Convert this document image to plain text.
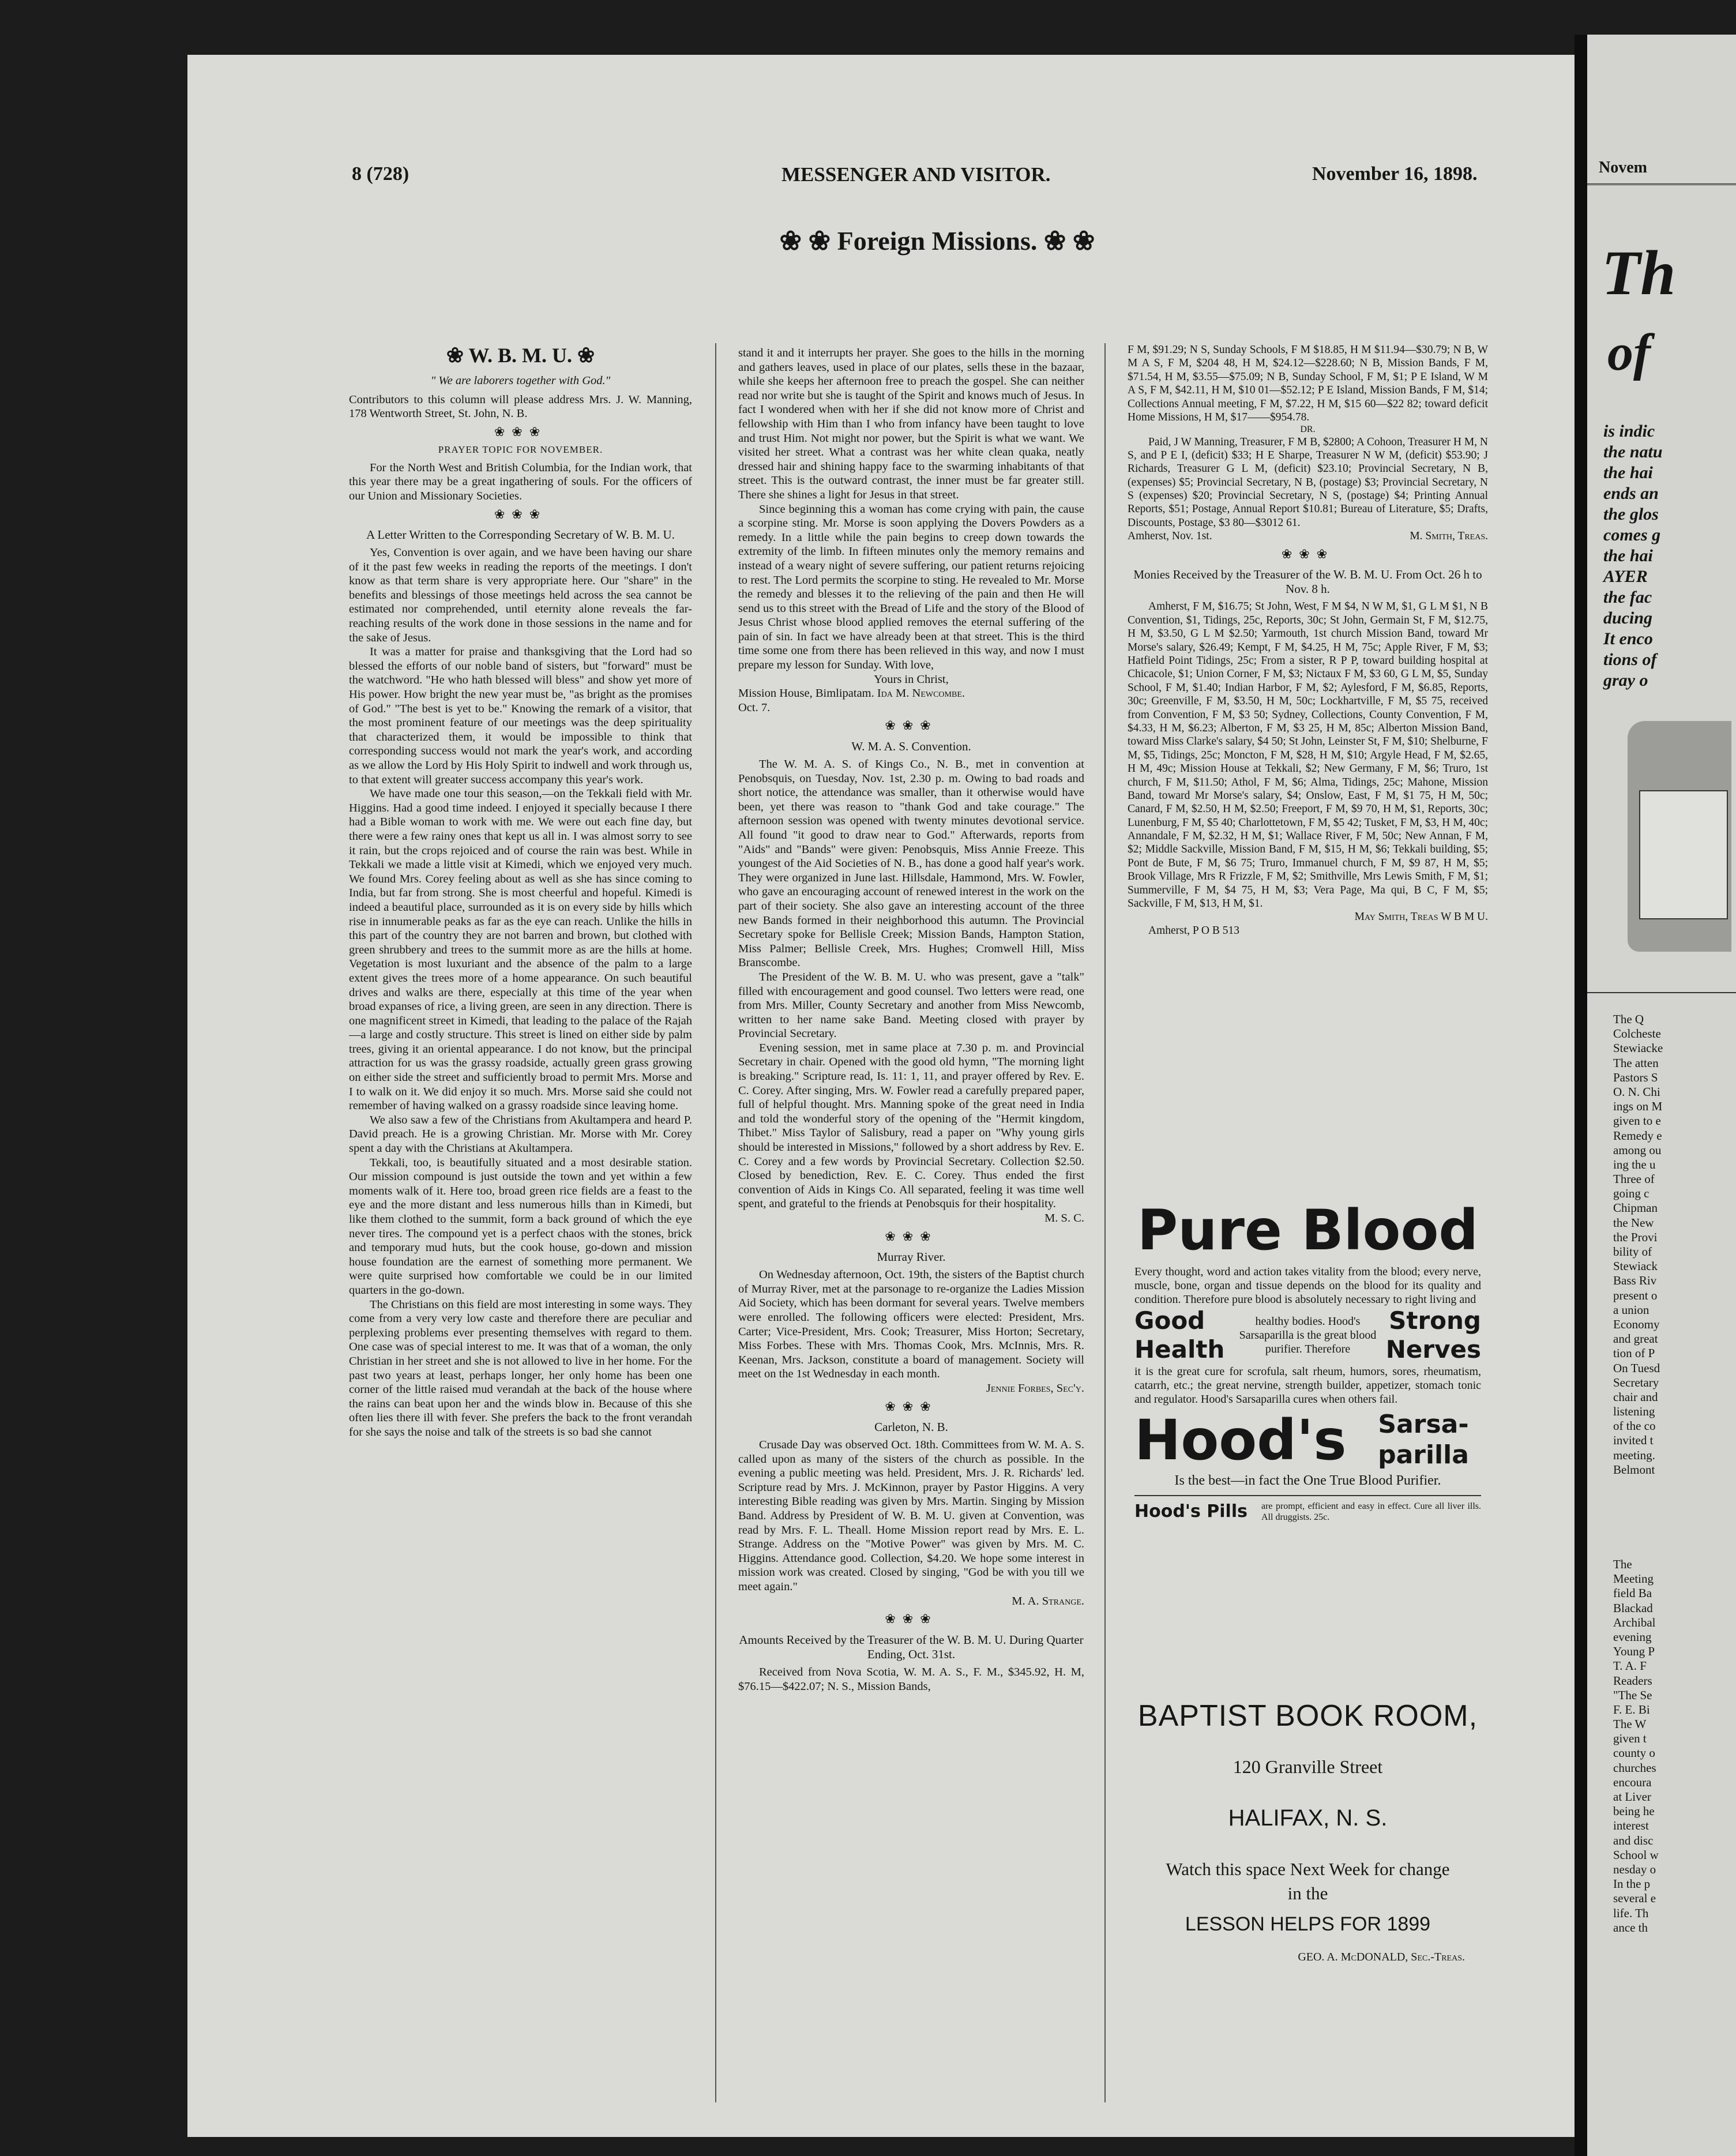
8 (728)	MESSENGER AND VISITOR.	November 16, 1898.
❀ ❀ Foreign Missions. ❀ ❀
❀ W. B. M. U. ❀
" We are laborers together with God."

Contributors to this column will please address Mrs. J. W. Manning, 178 Wentworth Street, St. John, N. B.

❀❀❀
PRAYER TOPIC FOR NOVEMBER.

For the North West and British Columbia, for the Indian work, that this year there may be a great ingathering of souls. For the officers of our Union and Missionary Societies.

❀❀❀
A Letter Written to the Corresponding Secretary of W. B. M. U.

Yes, Convention is over again, and we have been having our share of it the past few weeks in reading the reports of the meetings. I don't know as that term share is very appropriate here. Our "share" in the benefits and blessings of those meetings held across the sea cannot be estimated nor comprehended, until eternity alone reveals the far-reaching results of the work done in those sessions in the name and for the sake of Jesus.

It was a matter for praise and thanksgiving that the Lord had so blessed the efforts of our noble band of sisters, but "forward" must be the watchword. "He who hath blessed will bless" and show yet more of His power. How bright the new year must be, "as bright as the promises of God." "The best is yet to be." Knowing the remark of a visitor, that the most prominent feature of our meetings was the deep spirituality that characterized them, it would be impossible to think that corresponding success would not mark the year's work, and according as we allow the Lord by His Holy Spirit to indwell and work through us, to that extent will greater success accompany this year's work.

We have made one tour this season,—on the Tekkali field with Mr. Higgins. Had a good time indeed. I enjoyed it specially because I there had a Bible woman to work with me. We were out each fine day, but there were a few rainy ones that kept us all in. I was almost sorry to see it rain, but the crops rejoiced and of course the rain was best. While in Tekkali we made a little visit at Kimedi, which we enjoyed very much. We found Mrs. Corey feeling about as well as she has since coming to India, but far from strong. She is most cheerful and hopeful. Kimedi is indeed a beautiful place, surrounded as it is on every side by hills which rise in innumerable peaks as far as the eye can reach. Unlike the hills in this part of the country they are not barren and brown, but clothed with green shrubbery and trees to the summit more as are the hills at home. Vegetation is most luxuriant and the absence of the palm to a large extent gives the trees more of a home appearance. On such beautiful drives and walks are there, especially at this time of the year when broad expanses of rice, a living green, are seen in any direction. There is one magnificent street in Kimedi, that leading to the palace of the Rajah—a large and costly structure. This street is lined on either side by palm trees, giving it an oriental appearance. I do not know, but the principal attraction for us was the grassy roadside, actually green grass growing on either side the street and sufficiently broad to permit Mrs. Morse and I to walk on it. We did enjoy it so much. Mrs. Morse said she could not remember of having walked on a grassy roadside since leaving home.

We also saw a few of the Christians from Akultampera and heard P. David preach. He is a growing Christian. Mr. Morse with Mr. Corey spent a day with the Christians at Akultampera.

Tekkali, too, is beautifully situated and a most desirable station. Our mission compound is just outside the town and yet within a few moments walk of it. Here too, broad green rice fields are a feast to the eye and the more distant and less numerous hills than in Kimedi, but like them clothed to the summit, form a back ground of which the eye never tires. The compound yet is a perfect chaos with the stones, brick and temporary mud huts, but the cook house, go-down and mission house foundation are the earnest of something more permanent. We were quite surprised how comfortable we could be in our limited quarters in the go-down.

The Christians on this field are most interesting in some ways. They come from a very very low caste and therefore there are peculiar and perplexing problems ever presenting themselves with regard to them. One case was of special interest to me. It was that of a woman, the only Christian in her street and she is not allowed to live in her home. For the past two years at least, perhaps longer, her only home has been one corner of the little raised mud verandah at the back of the house where the rains can beat upon her and the winds blow in. Because of this she often lies there ill with fever. She prefers the back to the front verandah for she says the noise and talk of the streets is so bad she cannot

stand it and it interrupts her prayer. She goes to the hills in the morning and gathers leaves, used in place of our plates, sells these in the bazaar, while she keeps her afternoon free to preach the gospel. She can neither read nor write but she is taught of the Spirit and knows much of Jesus. In fact I wondered when with her if she did not know more of Christ and fellowship with Him than I who from infancy have been taught to love and trust Him. Not might nor power, but the Spirit is what we want. We visited her street. What a contrast was her white clean quaka, neatly dressed hair and shining happy face to the swarming inhabitants of that street. This is the outward contrast, the inner must be far greater still. There she shines a light for Jesus in that street.

Since beginning this a woman has come crying with pain, the cause a scorpine sting. Mr. Morse is soon applying the Dovers Powders as a remedy. In a little while the pain begins to creep down towards the extremity of the limb. In fifteen minutes only the memory remains and instead of a weary night of severe suffering, our patient returns rejoicing to rest. The Lord permits the scorpine to sting. He revealed to Mr. Morse the remedy and blesses it to the relieving of the pain and then He will send us to this street with the Bread of Life and the story of the Blood of Jesus Christ whose blood applied removes the eternal suffering of the pain of sin. In fact we have already been at that street. This is the third time some one from there has been relieved in this way, and now I must prepare my lesson for Sunday. With love,

Yours in Christ,

Mission House, Bimlipatam. Ida M. Newcombe.

Oct. 7.

❀❀❀
W. M. A. S. Convention.

The W. M. A. S. of Kings Co., N. B., met in convention at Penobsquis, on Tuesday, Nov. 1st, 2.30 p. m. Owing to bad roads and short notice, the attendance was smaller, than it otherwise would have been, yet there was reason to "thank God and take courage." The afternoon session was opened with twenty minutes devotional service. All found "it good to draw near to God." Afterwards, reports from "Aids" and "Bands" were given: Penobsquis, Miss Annie Freeze. This youngest of the Aid Societies of N. B., has done a good half year's work. They were organized in June last. Hillsdale, Hammond, Mrs. W. Fowler, who gave an encouraging account of renewed interest in the work on the part of their society. She also gave an interesting account of the three new Bands formed in their neighborhood this autumn. The Provincial Secretary spoke for Bellisle Creek; Mission Bands, Hampton Station, Miss Palmer; Bellisle Creek, Mrs. Hughes; Cromwell Hill, Miss Branscombe.

The President of the W. B. M. U. who was present, gave a "talk" filled with encouragement and good counsel. Two letters were read, one from Mrs. Miller, County Secretary and another from Miss Newcomb, written to her name sake Band. Meeting closed with prayer by Provincial Secretary.

Evening session, met in same place at 7.30 p. m. and Provincial Secretary in chair. Opened with the good old hymn, "The morning light is breaking." Scripture read, Is. 11: 1, 11, and prayer offered by Rev. E. C. Corey. After singing, Mrs. W. Fowler read a carefully prepared paper, full of helpful thought. Mrs. Manning spoke of the great need in India and told the wonderful story of the opening of the "Hermit kingdom, Thibet." Miss Taylor of Salisbury, read a paper on "Why young girls should be interested in Missions," followed by a short address by Rev. E. C. Corey and a few words by Provincial Secretary. Collection $2.50. Closed by benediction, Rev. E. C. Corey. Thus ended the first convention of Aids in Kings Co. All separated, feeling it was time well spent, and grateful to the friends at Penobsquis for their hospitality.

M. S. C.

❀❀❀
Murray River.

On Wednesday afternoon, Oct. 19th, the sisters of the Baptist church of Murray River, met at the parsonage to re-organize the Ladies Mission Aid Society, which has been dormant for several years. Twelve members were enrolled. The following officers were elected: President, Mrs. Carter; Vice-President, Mrs. Cook; Treasurer, Miss Horton; Secretary, Miss Forbes. These with Mrs. Thomas Cook, Mrs. McInnis, Mrs. R. Keenan, Mrs. Jackson, constitute a board of management. Society will meet on the 1st Wednesday in each month.

Jennie Forbes, Sec'y.

❀❀❀
Carleton, N. B.

Crusade Day was observed Oct. 18th. Committees from W. M. A. S. called upon as many of the sisters of the church as possible. In the evening a public meeting was held. President, Mrs. J. R. Richards' led. Scripture read by Mrs. J. McKinnon, prayer by Pastor Higgins. A very interesting Bible reading was given by Mrs. Martin. Singing by Mission Band. Address by President of W. B. M. U. given at Convention, was read by Mrs. F. L. Theall. Home Mission report read by Mrs. E. L. Strange. Address on the "Motive Power" was given by Mrs. M. C. Higgins. Attendance good. Collection, $4.20. We hope some interest in mission work was created. Closed by singing, "God be with you till we meet again."

M. A. Strange.

❀❀❀
Amounts Received by the Treasurer of the W. B. M. U. During Quarter Ending, Oct. 31st.

Received from Nova Scotia, W. M. A. S., F. M., $345.92, H. M, $76.15—$422.07; N. S., Mission Bands,

F M, $91.29; N S, Sunday Schools, F M $18.85, H M $11.94—$30.79; N B, W M A S, F M, $204 48, H M, $24.12—$228.60; N B, Mission Bands, F M, $71.54, H M, $3.55—$75.09; N B, Sunday School, F M, $1; P E Island, W M A S, F M, $42.11, H M, $10 01—$52.12; P E Island, Mission Bands, F M, $14; Collections Annual meeting, F M, $7.22, H M, $15 60—$22 82; toward deficit Home Missions, H M, $17——$954.78.

DR.

Paid, J W Manning, Treasurer, F M B, $2800; A Cohoon, Treasurer H M, N S, and P E I, (deficit) $33; H E Sharpe, Treasurer N W M, (deficit) $53.90; J Richards, Treasurer G L M, (deficit) $23.10; Provincial Secretary, N B, (expenses) $5; Provincial Secretary, N B, (postage) $3; Provincial Secretary, N S (expenses) $20; Provincial Secretary, N S, (postage) $4; Printing Annual Reports, $51; Postage, Annual Report $10.81; Bureau of Literature, $5; Drafts, Discounts, Postage, $3 80—$3012 61.

Amherst, Nov. 1st.	M. Smith, Treas.

❀❀❀
Monies Received by the Treasurer of the W. B. M. U. From Oct. 26 h to Nov. 8 h.

Amherst, F M, $16.75; St John, West, F M $4, N W M, $1, G L M $1, N B Convention, $1, Tidings, 25c, Reports, 30c; St John, Germain St, F M, $12.75, H M, $3.50, G L M $2.50; Yarmouth, 1st church Mission Band, toward Mr Morse's salary, $26.49; Kempt, F M, $4.25, H M, 75c; Apple River, F M, $3; Hatfield Point Tidings, 25c; From a sister, R P P, toward building hospital at Chicacole, $1; Union Corner, F M, $3; Nictaux F M, $3 60, G L M, $5, Sunday School, F M, $1.40; Indian Harbor, F M, $2; Aylesford, F M, $6.85, Reports, 30c; Greenville, F M, $3.50, H M, 50c; Lockhartville, F M, $5 75, received from Convention, F M, $3 50; Sydney, Collections, County Convention, F M, $4.33, H M, $6.23; Alberton, F M, $3 25, H M, 85c; Alberton Mission Band, toward Miss Clarke's salary, $4 50; St John, Leinster St, F M, $10; Shelburne, F M, $5, Tidings, 25c; Moncton, F M, $28, H M, $10; Argyle Head, F M, $2.65, H M, 49c; Mission House at Tekkali, $2; New Germany, F M, $6; Truro, 1st church, F M, $11.50; Athol, F M, $6; Alma, Tidings, 25c; Mahone, Mission Band, toward Mr Morse's salary, $4; Onslow, East, F M, $1 75, H M, 50c; Canard, F M, $2.50, H M, $2.50; Freeport, F M, $9 70, H M, $1, Reports, 30c; Lunenburg, F M, $5 40; Charlottetown, F M, $5 42; Tusket, F M, $3, H M, 40c; Annandale, F M, $2.32, H M, $1; Wallace River, F M, 50c; New Annan, F M, $2; Middle Sackville, Mission Band, F M, $15, H M, $6; Tekkali building, $5; Pont de Bute, F M, $6 75; Truro, Immanuel church, F M, $9 87, H M, $5; Brook Village, Mrs R Frizzle, F M, $2; Smithville, Mrs Lewis Smith, F M, $1; Summerville, F M, $4 75, H M, $3; Vera Page, Ma qui, B C, F M, $5; Sackville, F M, $13, H M, $1.

May Smith, Treas W B M U.

Amherst, P O B 513

Pure Blood
Every thought, word and action takes vitality from the blood; every nerve, muscle, bone, organ and tissue depends on the blood for its quality and condition. Therefore pure blood is absolutely necessary to right living and
Good
Health
healthy bodies. Hood's Sarsaparilla is the great blood purifier. Therefore
Strong
Nerves
it is the great cure for scrofula, salt rheum, humors, sores, rheumatism, catarrh, etc.; the great nervine, strength builder, appetizer, stomach tonic and regulator. Hood's Sarsaparilla cures when others fail.
Hood's	Sarsa-
parilla
Is the best—in fact the One True Blood Purifier.
Hood's Pills	are prompt, efficient and easy in effect. Cure all liver ills. All druggists. 25c.
BAPTIST BOOK ROOM,
120 Granville Street
HALIFAX, N. S.
Watch this space Next Week for change
in the
LESSON HELPS FOR 1899
GEO. A. McDONALD, Sec.-Treas.
Novem
Th
of
is indic
the natu
the hai
ends an
the glos
comes g
the hai
AYER
the fac
ducing
It enco
tions of
gray o
The Q
Colcheste
Stewiacke
The atten
Pastors S
O. N. Chi
ings on M
given to e
Remedy e
among ou
ing the u
Three of
going c
Chipman
the New
the Provi
bility of
Stewiack
Bass Riv
present o
a union
Economy
and great
tion of P
On Tuesd
Secretary
chair and
listening
of the co
invited t
meeting.
Belmont
The
Meeting
field Ba
Blackad
Archibal
evening
Young P
T. A. F
Readers
"The Se
F. E. Bi
The W
given t
county o
churches
encoura
at Liver
being he
interest
and disc
School w
nesday o
In the p
several e
life. Th
ance th
